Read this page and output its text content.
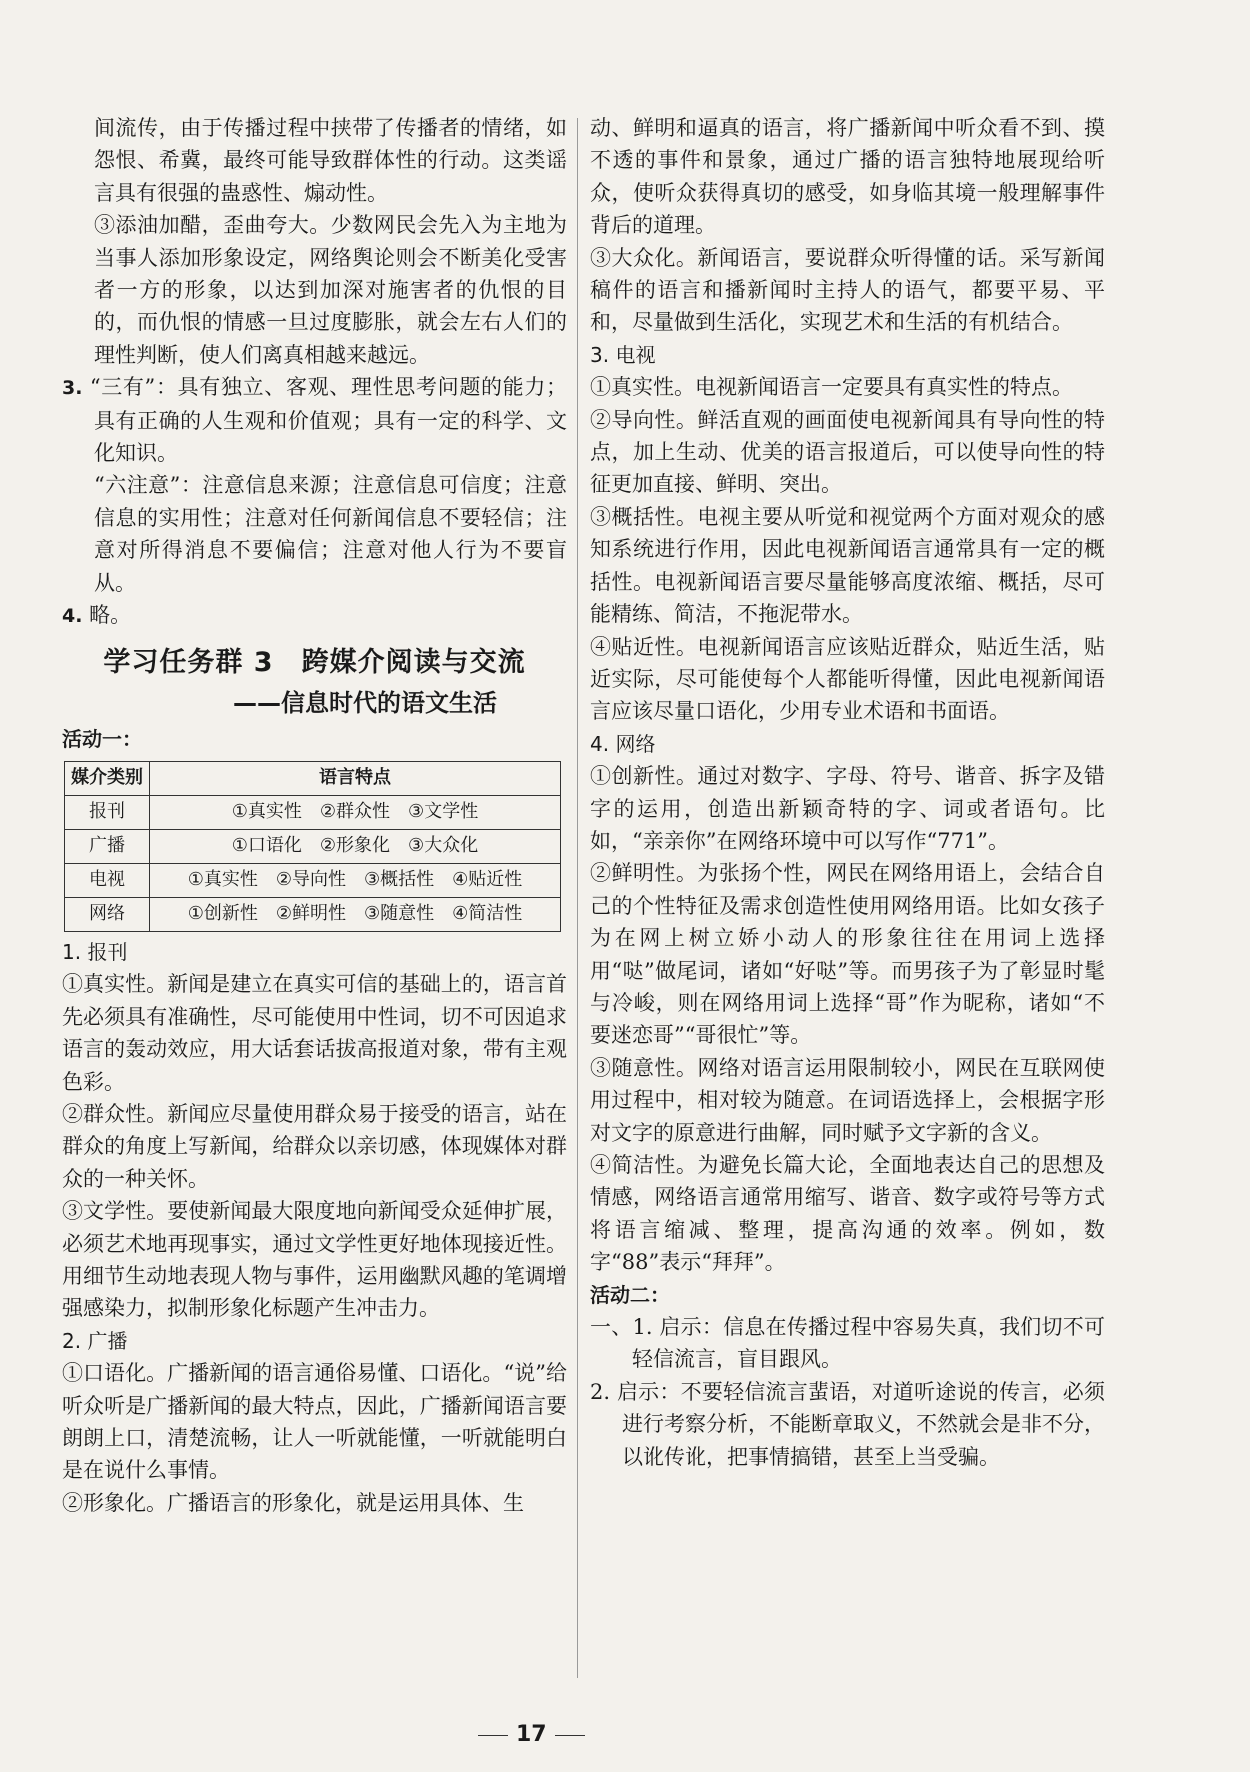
间流传，由于传播过程中挟带了传播者的情绪，如怨恨、希冀，最终可能导致群体性的行动。这类谣言具有很强的蛊惑性、煽动性。

③添油加醋，歪曲夸大。少数网民会先入为主地为当事人添加形象设定，网络舆论则会不断美化受害者一方的形象，以达到加深对施害者的仇恨的目的，而仇恨的情感一旦过度膨胀，就会左右人们的理性判断，使人们离真相越来越远。

3. “三有”：具有独立、客观、理性思考问题的能力；具有正确的人生观和价值观；具有一定的科学、文化知识。

“六注意”：注意信息来源；注意信息可信度；注意信息的实用性；注意对任何新闻信息不要轻信；注意对所得消息不要偏信；注意对他人行为不要盲从。

4. 略。

学习任务群 3　跨媒介阅读与交流
——信息时代的语文生活
活动一：
媒介类别	语言特点
报刊	①真实性　②群众性　③文学性
广播	①口语化　②形象化　③大众化
电视	①真实性　②导向性　③概括性　④贴近性
网络	①创新性　②鲜明性　③随意性　④简洁性
1. 报刊

①真实性。新闻是建立在真实可信的基础上的，语言首先必须具有准确性，尽可能使用中性词，切不可因追求语言的轰动效应，用大话套话拔高报道对象，带有主观色彩。

②群众性。新闻应尽量使用群众易于接受的语言，站在群众的角度上写新闻，给群众以亲切感，体现媒体对群众的一种关怀。

③文学性。要使新闻最大限度地向新闻受众延伸扩展，必须艺术地再现事实，通过文学性更好地体现接近性。用细节生动地表现人物与事件，运用幽默风趣的笔调增强感染力，拟制形象化标题产生冲击力。

2. 广播

①口语化。广播新闻的语言通俗易懂、口语化。“说”给听众听是广播新闻的最大特点，因此，广播新闻语言要朗朗上口，清楚流畅，让人一听就能懂，一听就能明白是在说什么事情。

②形象化。广播语言的形象化，就是运用具体、生

动、鲜明和逼真的语言，将广播新闻中听众看不到、摸不透的事件和景象，通过广播的语言独特地展现给听众，使听众获得真切的感受，如身临其境一般理解事件背后的道理。

③大众化。新闻语言，要说群众听得懂的话。采写新闻稿件的语言和播新闻时主持人的语气，都要平易、平和，尽量做到生活化，实现艺术和生活的有机结合。

3. 电视

①真实性。电视新闻语言一定要具有真实性的特点。

②导向性。鲜活直观的画面使电视新闻具有导向性的特点，加上生动、优美的语言报道后，可以使导向性的特征更加直接、鲜明、突出。

③概括性。电视主要从听觉和视觉两个方面对观众的感知系统进行作用，因此电视新闻语言通常具有一定的概括性。电视新闻语言要尽量能够高度浓缩、概括，尽可能精练、简洁，不拖泥带水。

④贴近性。电视新闻语言应该贴近群众，贴近生活，贴近实际，尽可能使每个人都能听得懂，因此电视新闻语言应该尽量口语化，少用专业术语和书面语。

4. 网络

①创新性。通过对数字、字母、符号、谐音、拆字及错字的运用，创造出新颖奇特的字、词或者语句。比如，“亲亲你”在网络环境中可以写作“771”。

②鲜明性。为张扬个性，网民在网络用语上，会结合自己的个性特征及需求创造性使用网络用语。比如女孩子为在网上树立娇小动人的形象往往在用词上选择用“哒”做尾词，诸如“好哒”等。而男孩子为了彰显时髦与冷峻，则在网络用词上选择“哥”作为昵称，诸如“不要迷恋哥”“哥很忙”等。

③随意性。网络对语言运用限制较小，网民在互联网使用过程中，相对较为随意。在词语选择上，会根据字形对文字的原意进行曲解，同时赋予文字新的含义。

④简洁性。为避免长篇大论，全面地表达自己的思想及情感，网络语言通常用缩写、谐音、数字或符号等方式将语言缩减、整理，提高沟通的效率。例如，数字“88”表示“拜拜”。

活动二：

一、1. 启示：信息在传播过程中容易失真，我们切不可轻信流言，盲目跟风。

2. 启示：不要轻信流言蜚语，对道听途说的传言，必须进行考察分析，不能断章取义，不然就会是非不分，以讹传讹，把事情搞错，甚至上当受骗。

17
